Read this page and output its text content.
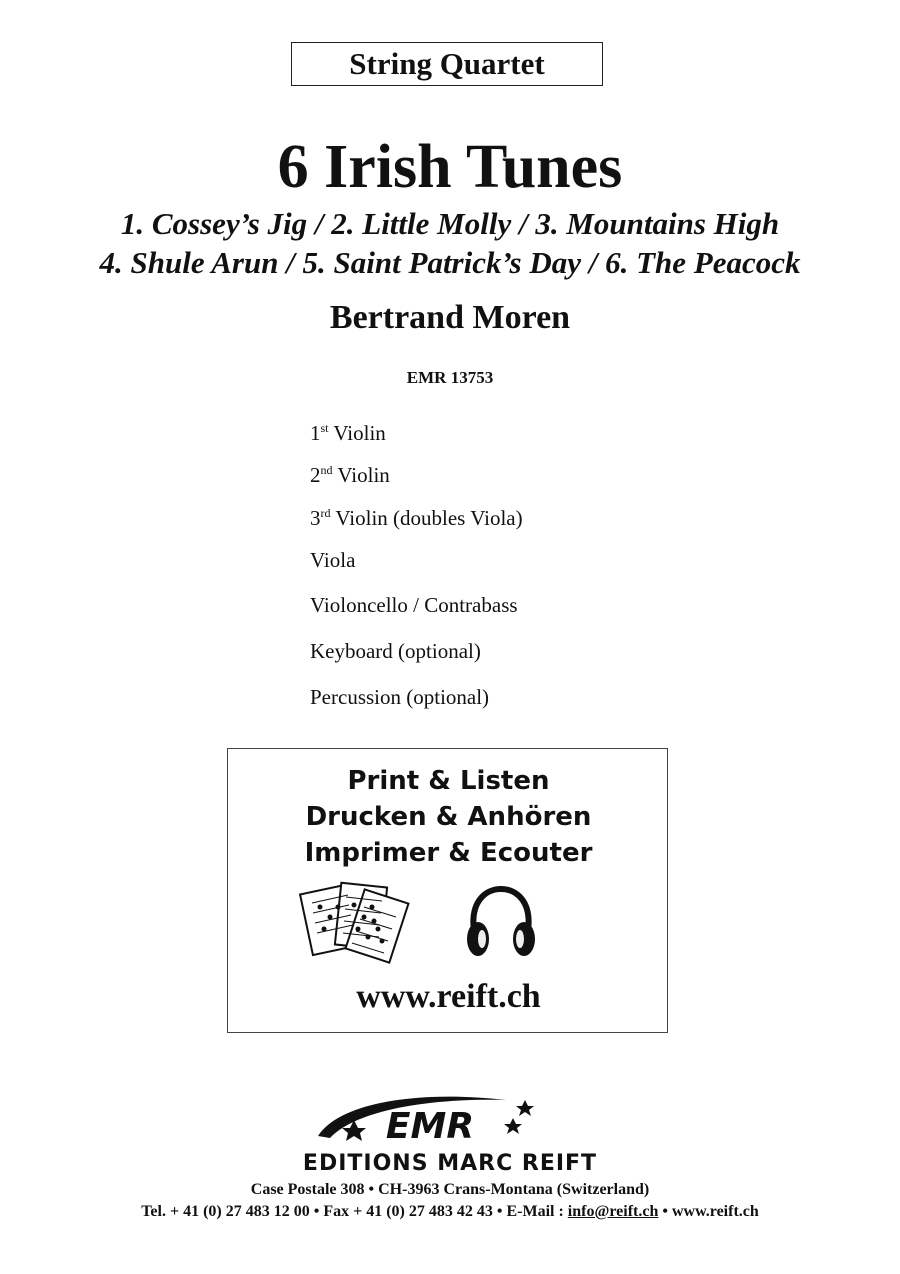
String Quartet
6 Irish Tunes
1. Cossey’s Jig / 2. Little Molly / 3. Mountains High
4. Shule Arun / 5. Saint Patrick’s Day / 6. The Peacock
Bertrand Moren
EMR 13753
1st Violin
2nd Violin
3rd Violin (doubles Viola)
Viola
Violoncello / Contrabass
Keyboard (optional)
Percussion (optional)
Print & Listen
Drucken & Anhören
Imprimer & Ecouter
www.reift.ch
EMR
EDITIONS MARC REIFT
Case Postale 308 • CH-3963 Crans-Montana (Switzerland)
Tel. + 41 (0) 27 483 12 00 • Fax + 41 (0) 27 483 42 43 • E-Mail : info@reift.ch • www.reift.ch
